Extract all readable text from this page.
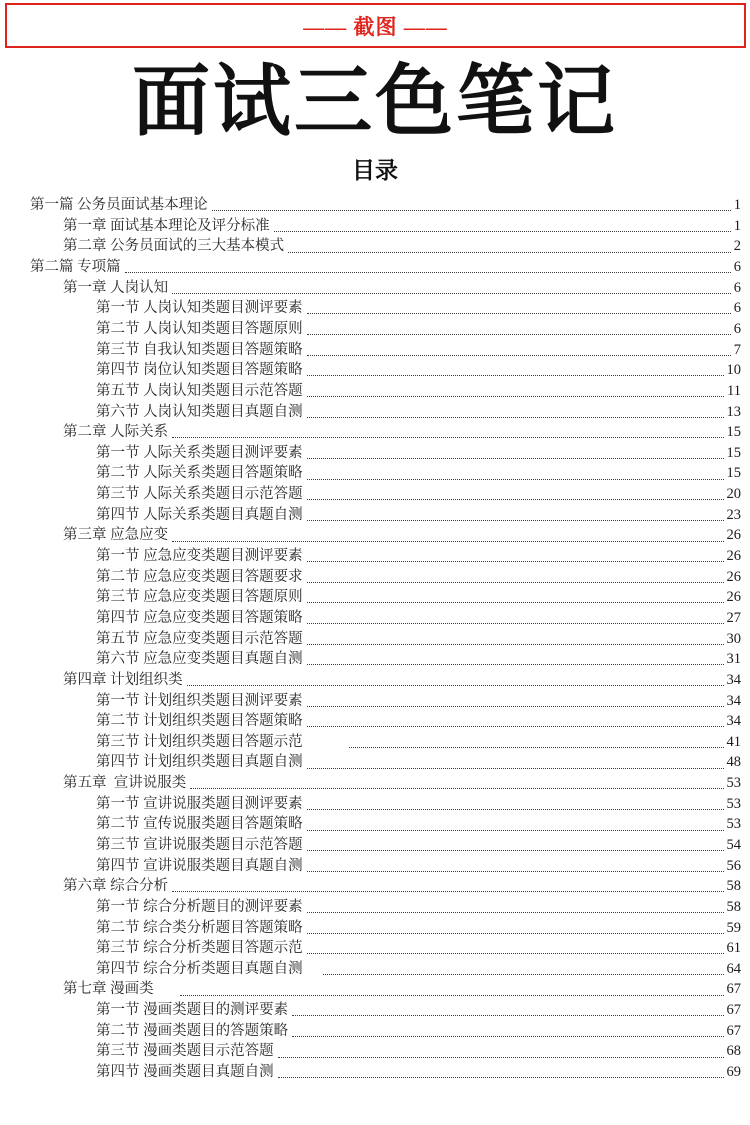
—— 截图 ——
面试三色笔记
目录
第一篇 公务员面试基本理论	1
第一章 面试基本理论及评分标准	1
第二章 公务员面试的三大基本模式	2
第二篇 专项篇	6
第一章 人岗认知	6
第一节 人岗认知类题目测评要素	6
第二节 人岗认知类题目答题原则	6
第三节 自我认知类题目答题策略	7
第四节 岗位认知类题目答题策略	10
第五节 人岗认知类题目示范答题	11
第六节 人岗认知类题目真题自测	13
第二章 人际关系	15
第一节 人际关系类题目测评要素	15
第二节 人际关系类题目答题策略	15
第三节 人际关系类题目示范答题	20
第四节 人际关系类题目真题自测	23
第三章 应急应变	26
第一节 应急应变类题目测评要素	26
第二节 应急应变类题目答题要求	26
第三节 应急应变类题目答题原则	26
第四节 应急应变类题目答题策略	27
第五节 应急应变类题目示范答题	30
第六节 应急应变类题目真题自测	31
第四章 计划组织类	34
第一节 计划组织类题目测评要素	34
第二节 计划组织类题目答题策略	34
第三节 计划组织类题目答题示范	41
第四节 计划组织类题目真题自测	48
第五章  宣讲说服类	53
第一节 宣讲说服类题目测评要素	53
第二节 宣传说服类题目答题策略	53
第三节 宣讲说服类题目示范答题	54
第四节 宣讲说服类题目真题自测	56
第六章 综合分析	58
第一节 综合分析题目的测评要素	58
第二节 综合类分析题目答题策略	59
第三节 综合分析类题目答题示范	61
第四节 综合分析类题目真题自测	64
第七章 漫画类	67
第一节 漫画类题目的测评要素	67
第二节 漫画类题目的答题策略	67
第三节 漫画类题目示范答题	68
第四节 漫画类题目真题自测	69
